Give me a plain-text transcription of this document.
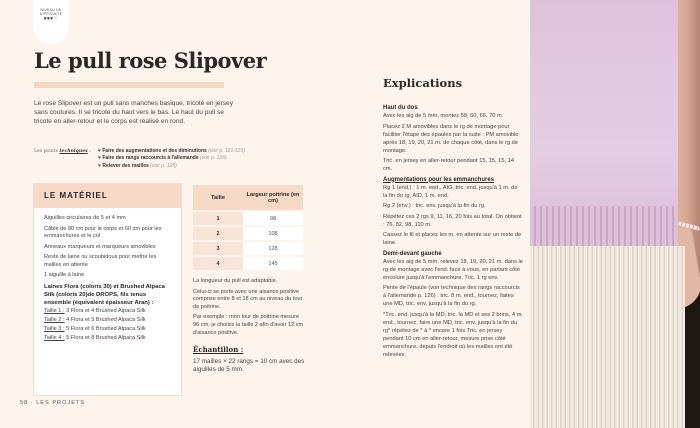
NIVEAU DE
DIFFICULTÉ
♥♥♥♡
Le pull rose Slipover

Le rose Slipover est un pull sans manches basique, tricoté en jersey sans coutures. Il se tricote du haut vers le bas. Le haut du pull se tricote en aller-retour et le corps est réalisé en rond.

Les points techniques : ♥ Faire des augmentations et des diminutions (voir p. 121-123)
♥ Faire des rangs raccourcis à l'allemande (voir p. 126)
♥ Relever des mailles (voir p. 125)
LE MATÉRIEL

Aiguilles circulaires de 5 et 4 mm

Câble de 80 cm pour le corps et 60 cm pour les emmanchures et le col

Anneaux marqueurs et marqueurs amovibles

Reste de laine ou scoubidous pour mettre les mailles en attente

1 aiguille à laine

Laines Flora (coloris 30) et Brushed Alpaca Silk (coloris 20)de DROPS, fils tenus ensemble (équivalent épaisseur Aran) :

Taille 1 : 3 Flora et 4 Brushed Alpaca Silk

Taille 2 : 4 Flora et 5 Brushed Alpaca Silk

Taille 3 : 5 Flora et 6 Brushed Alpaca Silk

Taille 4 : 5 Flora et 8 Brushed Alpaca Silk

Taille	Largeur poitrine (en cm)
1	98
2	108
3	128
4	145

La longueur du pull est adaptable.

Celui-ci se porte avec une aisance positive comprise entre 8 et 18 cm au niveau du tour de poitrine.

Par exemple : mon tour de poitrine mesure 96 cm, je choisis la taille 2 afin d'avoir 12 cm d'aisance positive.

Échantillon :
17 mailles × 22 rangs = 10 cm avec des aiguilles de 5 mm.
58 · LES PROJETS
Explications
Haut du dos

Avec les aig de 5 mm, montez 58, 60, 66, 70 m.

Placez 2 M amovibles dans le rg de montage pour faciliter l'étape des épaules par la suite : PM amovible après 18, 19, 20, 21 m. de chaque côté, dans le rg de montage.

Tric. en jersey en aller-retour pendant 15, 15, 15, 14 cm.

Augmentations pour les emmanchures

Rg 1 (end.) : 1 m. end., AIG, tric. end. jusqu'à 1 m. de la fin du rg, AID, 1 m. end.

Rg 2 (env.) : tric. env. jusqu'à la fin du rg.

Répétez ces 2 rgs 9, 11, 16, 20 fois au total. On obtient : 76, 82, 98, 110 m.

Cassez le fil et placez les m. en attente sur un reste de laine.

Demi-devant gauche

Avec les aig de 5 mm, relevez 18, 19, 20, 21 m. dans le rg de montage avec l'end. face à vous, en partant côté encolure jusqu'à l'emmanchure. Tric. 1 rg env.

Pente de l'épaule (voir technique des rangs raccourcis à l'allemande p. 126) : tric. 8 m. end., tournez, faites une MD, tric. env. jusqu'à la fin du rg.

*Tric. end. jusqu'à la MD, tric. la MD et ses 2 brins, 4 m. end., tournez, faire une MD, tric. env. jusqu'à la fin du rg* répétez de * à * encore 1 fois.Tric. en jersey pendant 10 cm en aller-retour, mesure prise côté emmanchure, depuis l'endroit où les mailles ont été relevées.
